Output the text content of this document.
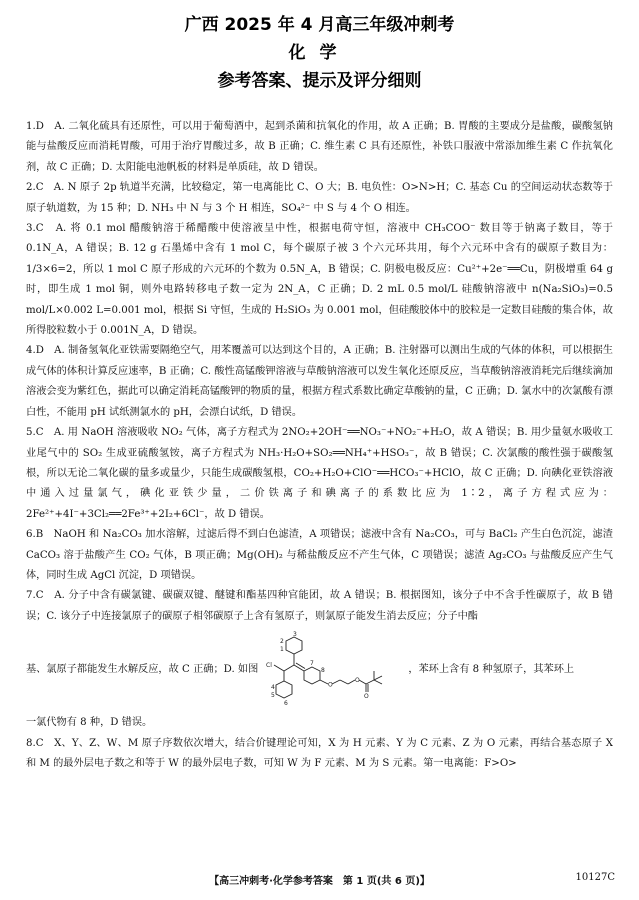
广西 2025 年 4 月高三年级冲刺考
化学
参考答案、提示及评分细则

1.D　A. 二氧化硫具有还原性，可以用于葡萄酒中，起到杀菌和抗氧化的作用，故 A 正确；B. 胃酸的主要成分是盐酸，碳酸氢钠能与盐酸反应而消耗胃酸，可用于治疗胃酸过多，故 B 正确；C. 维生素 C 具有还原性，补铁口服液中常添加维生素 C 作抗氧化剂，故 C 正确；D. 太阳能电池帆板的材料是单质硅，故 D 错误。

2.C　A. N 原子 2p 轨道半充满，比较稳定，第一电离能比 C、O 大；B. 电负性：O>N>H；C. 基态 Cu 的空间运动状态数等于原子轨道数，为 15 种；D. NH₃ 中 N 与 3 个 H 相连，SO₄²⁻ 中 S 与 4 个 O 相连。

3.C　A. 将 0.1 mol 醋酸钠溶于稀醋酸中使溶液呈中性，根据电荷守恒，溶液中 CH₃COO⁻ 数目等于钠离子数目，等于 0.1N_A，A 错误；B. 12 g 石墨烯中含有 1 mol C，每个碳原子被 3 个六元环共用，每个六元环中含有的碳原子数目为：1/3×6=2，所以 1 mol C 原子形成的六元环的个数为 0.5N_A，B 错误；C. 阴极电极反应：Cu²⁺+2e⁻══Cu，阴极增重 64 g 时，即生成 1 mol 铜，则外电路转移电子数一定为 2N_A，C 正确；D. 2 mL 0.5 mol/L 硅酸钠溶液中 n(Na₂SiO₃)=0.5 mol/L×0.002 L=0.001 mol，根据 Si 守恒，生成的 H₂SiO₃ 为 0.001 mol，但硅酸胶体中的胶粒是一定数目硅酸的集合体，故所得胶粒数小于 0.001N_A，D 错误。

4.D　A. 制备氢氧化亚铁需要隔绝空气，用苯覆盖可以达到这个目的，A 正确；B. 注射器可以测出生成的气体的体积，可以根据生成气体的体积计算反应速率，B 正确；C. 酸性高锰酸钾溶液与草酸钠溶液可以发生氧化还原反应，当草酸钠溶液消耗完后继续滴加溶液会变为紫红色，据此可以确定消耗高锰酸钾的物质的量，根据方程式系数比确定草酸钠的量，C 正确；D. 氯水中的次氯酸有漂白性，不能用 pH 试纸测氯水的 pH，会漂白试纸，D 错误。

5.C　A. 用 NaOH 溶液吸收 NO₂ 气体，离子方程式为 2NO₂+2OH⁻══NO₃⁻+NO₂⁻+H₂O，故 A 错误；B. 用少量氨水吸收工业尾气中的 SO₂ 生成亚硫酸氢铵，离子方程式为 NH₃·H₂O+SO₂══NH₄⁺+HSO₃⁻，故 B 错误；C. 次氯酸的酸性强于碳酸氢根，所以无论二氧化碳的量多或量少，只能生成碳酸氢根，CO₂+H₂O+ClO⁻══HCO₃⁻+HClO，故 C 正确；D. 向碘化亚铁溶液中通入过量氯气，碘化亚铁少量，二价铁离子和碘离子的系数比应为 1∶2，离子方程式应为：2Fe²⁺+4I⁻+3Cl₂══2Fe³⁺+2I₂+6Cl⁻，故 D 错误。

6.B　NaOH 和 Na₂CO₃ 加水溶解，过滤后得不到白色滤渣，A 项错误；滤液中含有 Na₂CO₃，可与 BaCl₂ 产生白色沉淀，滤渣 CaCO₃ 溶于盐酸产生 CO₂ 气体，B 项正确；Mg(OH)₂ 与稀盐酸反应不产生气体，C 项错误；滤渣 Ag₂CO₃ 与盐酸反应产生气体，同时生成 AgCl 沉淀，D 项错误。

7.C　A. 分子中含有碳氯键、碳碳双键、醚键和酯基四种官能团，故 A 错误；B. 根据图知，该分子中不含手性碳原子，故 B 错误；C. 该分子中连接氯原子的碳原子相邻碳原子上含有氢原子，则氯原子能发生消去反应；分子中酯

基、氯原子都能发生水解反应，故 C 正确；D. 如图 Cl
O
O
O
3
2
1
7
8
4
5
6
，苯环上含有 8 种氢原子，其苯环上

一氯代物有 8 种，D 错误。

8.C　X、Y、Z、W、M 原子序数依次增大，结合价键理论可知，X 为 H 元素、Y 为 C 元素、Z 为 O 元素，再结合基态原子 X 和 M 的最外层电子数之和等于 W 的最外层电子数，可知 W 为 F 元素、M 为 S 元素。第一电离能：F>O>

【高三冲刺考·化学参考答案　第 1 页(共 6 页)】	10127C
